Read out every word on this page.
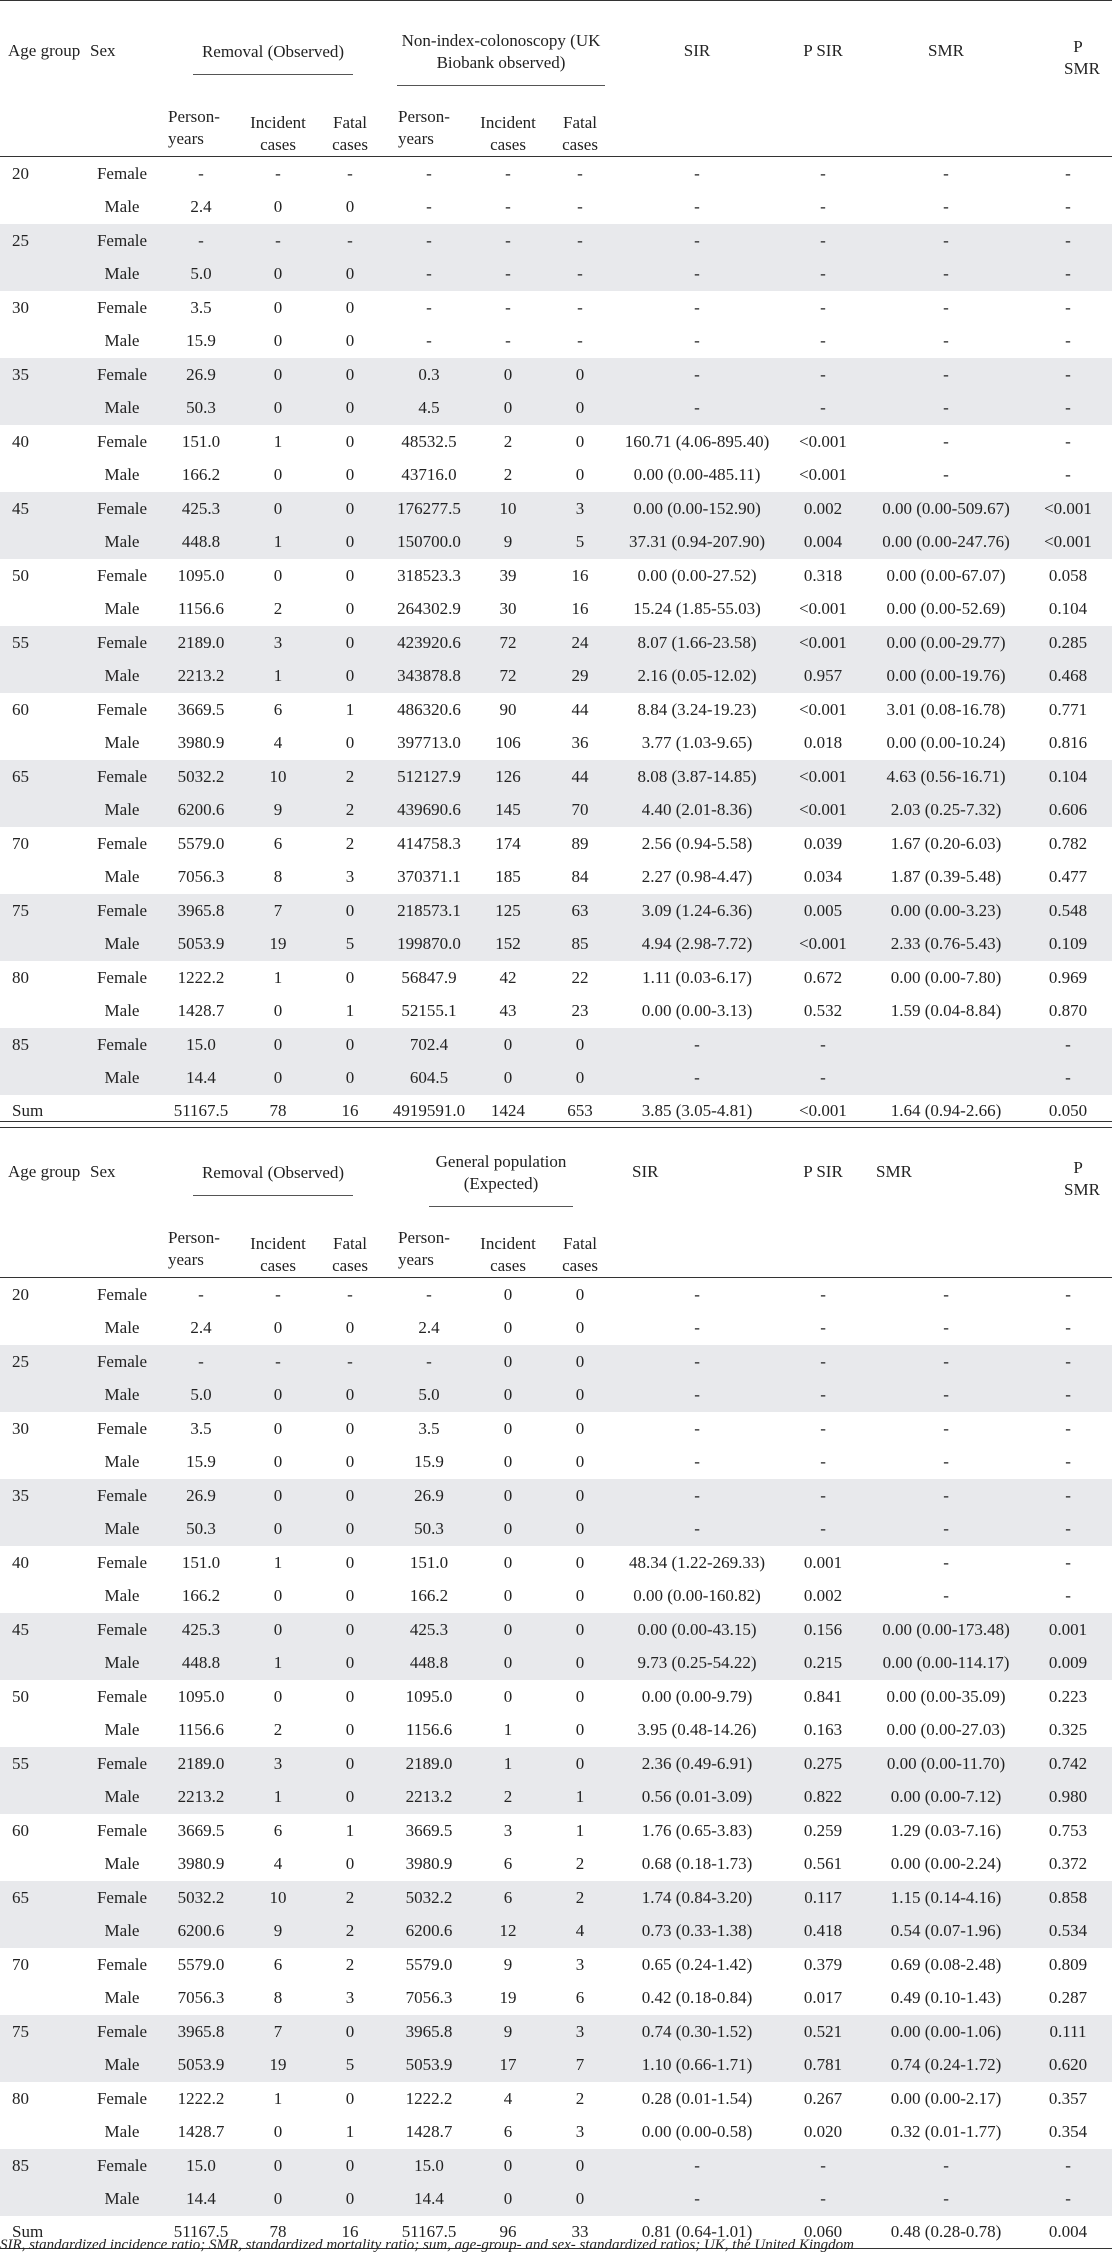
Age group	Sex	Removal (Observed)			Non-index-colonoscopy (UK Biobank observed)			SIR	P SIR	SMR	P SMR
		Person-years	Incident cases	Fatal cases	Person-years	Incident cases	Fatal cases				
20	Female	-	-	-	-	-	-	-	-	-	-
	Male	2.4	0	0	-	-	-	-	-	-	-
25	Female	-	-	-	-	-	-	-	-	-	-
	Male	5.0	0	0	-	-	-	-	-	-	-
30	Female	3.5	0	0	-	-	-	-	-	-	-
	Male	15.9	0	0	-	-	-	-	-	-	-
35	Female	26.9	0	0	0.3	0	0	-	-	-	-
	Male	50.3	0	0	4.5	0	0	-	-	-	-
40	Female	151.0	1	0	48532.5	2	0	160.71 (4.06-895.40)	<0.001	-	-
	Male	166.2	0	0	43716.0	2	0	0.00 (0.00-485.11)	<0.001	-	-
45	Female	425.3	0	0	176277.5	10	3	0.00 (0.00-152.90)	0.002	0.00 (0.00-509.67)	<0.001
	Male	448.8	1	0	150700.0	9	5	37.31 (0.94-207.90)	0.004	0.00 (0.00-247.76)	<0.001
50	Female	1095.0	0	0	318523.3	39	16	0.00 (0.00-27.52)	0.318	0.00 (0.00-67.07)	0.058
	Male	1156.6	2	0	264302.9	30	16	15.24 (1.85-55.03)	<0.001	0.00 (0.00-52.69)	0.104
55	Female	2189.0	3	0	423920.6	72	24	8.07 (1.66-23.58)	<0.001	0.00 (0.00-29.77)	0.285
	Male	2213.2	1	0	343878.8	72	29	2.16 (0.05-12.02)	0.957	0.00 (0.00-19.76)	0.468
60	Female	3669.5	6	1	486320.6	90	44	8.84 (3.24-19.23)	<0.001	3.01 (0.08-16.78)	0.771
	Male	3980.9	4	0	397713.0	106	36	3.77 (1.03-9.65)	0.018	0.00 (0.00-10.24)	0.816
65	Female	5032.2	10	2	512127.9	126	44	8.08 (3.87-14.85)	<0.001	4.63 (0.56-16.71)	0.104
	Male	6200.6	9	2	439690.6	145	70	4.40 (2.01-8.36)	<0.001	2.03 (0.25-7.32)	0.606
70	Female	5579.0	6	2	414758.3	174	89	2.56 (0.94-5.58)	0.039	1.67 (0.20-6.03)	0.782
	Male	7056.3	8	3	370371.1	185	84	2.27 (0.98-4.47)	0.034	1.87 (0.39-5.48)	0.477
75	Female	3965.8	7	0	218573.1	125	63	3.09 (1.24-6.36)	0.005	0.00 (0.00-3.23)	0.548
	Male	5053.9	19	5	199870.0	152	85	4.94 (2.98-7.72)	<0.001	2.33 (0.76-5.43)	0.109
80	Female	1222.2	1	0	56847.9	42	22	1.11 (0.03-6.17)	0.672	0.00 (0.00-7.80)	0.969
	Male	1428.7	0	1	52155.1	43	23	0.00 (0.00-3.13)	0.532	1.59 (0.04-8.84)	0.870
85	Female	15.0	0	0	702.4	0	0	-	-		-
	Male	14.4	0	0	604.5	0	0	-	-		-
Sum		51167.5	78	16	4919591.0	1424	653	3.85 (3.05-4.81)	<0.001	1.64 (0.94-2.66)	0.050
Age group	Sex	Removal (Observed)			General population (Expected)			SIR	P SIR	SMR	P SMR
		Person-years	Incident cases	Fatal cases	Person-years	Incident cases	Fatal cases				
20	Female	-	-	-	-	0	0	-	-	-	-
	Male	2.4	0	0	2.4	0	0	-	-	-	-
25	Female	-	-	-	-	0	0	-	-	-	-
	Male	5.0	0	0	5.0	0	0	-	-	-	-
30	Female	3.5	0	0	3.5	0	0	-	-	-	-
	Male	15.9	0	0	15.9	0	0	-	-	-	-
35	Female	26.9	0	0	26.9	0	0	-	-	-	-
	Male	50.3	0	0	50.3	0	0	-	-	-	-
40	Female	151.0	1	0	151.0	0	0	48.34 (1.22-269.33)	0.001	-	-
	Male	166.2	0	0	166.2	0	0	0.00 (0.00-160.82)	0.002	-	-
45	Female	425.3	0	0	425.3	0	0	0.00 (0.00-43.15)	0.156	0.00 (0.00-173.48)	0.001
	Male	448.8	1	0	448.8	0	0	9.73 (0.25-54.22)	0.215	0.00 (0.00-114.17)	0.009
50	Female	1095.0	0	0	1095.0	0	0	0.00 (0.00-9.79)	0.841	0.00 (0.00-35.09)	0.223
	Male	1156.6	2	0	1156.6	1	0	3.95 (0.48-14.26)	0.163	0.00 (0.00-27.03)	0.325
55	Female	2189.0	3	0	2189.0	1	0	2.36 (0.49-6.91)	0.275	0.00 (0.00-11.70)	0.742
	Male	2213.2	1	0	2213.2	2	1	0.56 (0.01-3.09)	0.822	0.00 (0.00-7.12)	0.980
60	Female	3669.5	6	1	3669.5	3	1	1.76 (0.65-3.83)	0.259	1.29 (0.03-7.16)	0.753
	Male	3980.9	4	0	3980.9	6	2	0.68 (0.18-1.73)	0.561	0.00 (0.00-2.24)	0.372
65	Female	5032.2	10	2	5032.2	6	2	1.74 (0.84-3.20)	0.117	1.15 (0.14-4.16)	0.858
	Male	6200.6	9	2	6200.6	12	4	0.73 (0.33-1.38)	0.418	0.54 (0.07-1.96)	0.534
70	Female	5579.0	6	2	5579.0	9	3	0.65 (0.24-1.42)	0.379	0.69 (0.08-2.48)	0.809
	Male	7056.3	8	3	7056.3	19	6	0.42 (0.18-0.84)	0.017	0.49 (0.10-1.43)	0.287
75	Female	3965.8	7	0	3965.8	9	3	0.74 (0.30-1.52)	0.521	0.00 (0.00-1.06)	0.111
	Male	5053.9	19	5	5053.9	17	7	1.10 (0.66-1.71)	0.781	0.74 (0.24-1.72)	0.620
80	Female	1222.2	1	0	1222.2	4	2	0.28 (0.01-1.54)	0.267	0.00 (0.00-2.17)	0.357
	Male	1428.7	0	1	1428.7	6	3	0.00 (0.00-0.58)	0.020	0.32 (0.01-1.77)	0.354
85	Female	15.0	0	0	15.0	0	0	-	-	-	-
	Male	14.4	0	0	14.4	0	0	-	-	-	-
Sum		51167.5	78	16	51167.5	96	33	0.81 (0.64-1.01)	0.060	0.48 (0.28-0.78)	0.004
SIR, standardized incidence ratio; SMR, standardized mortality ratio; sum, age-group- and sex- standardized ratios; UK, the United Kingdom
